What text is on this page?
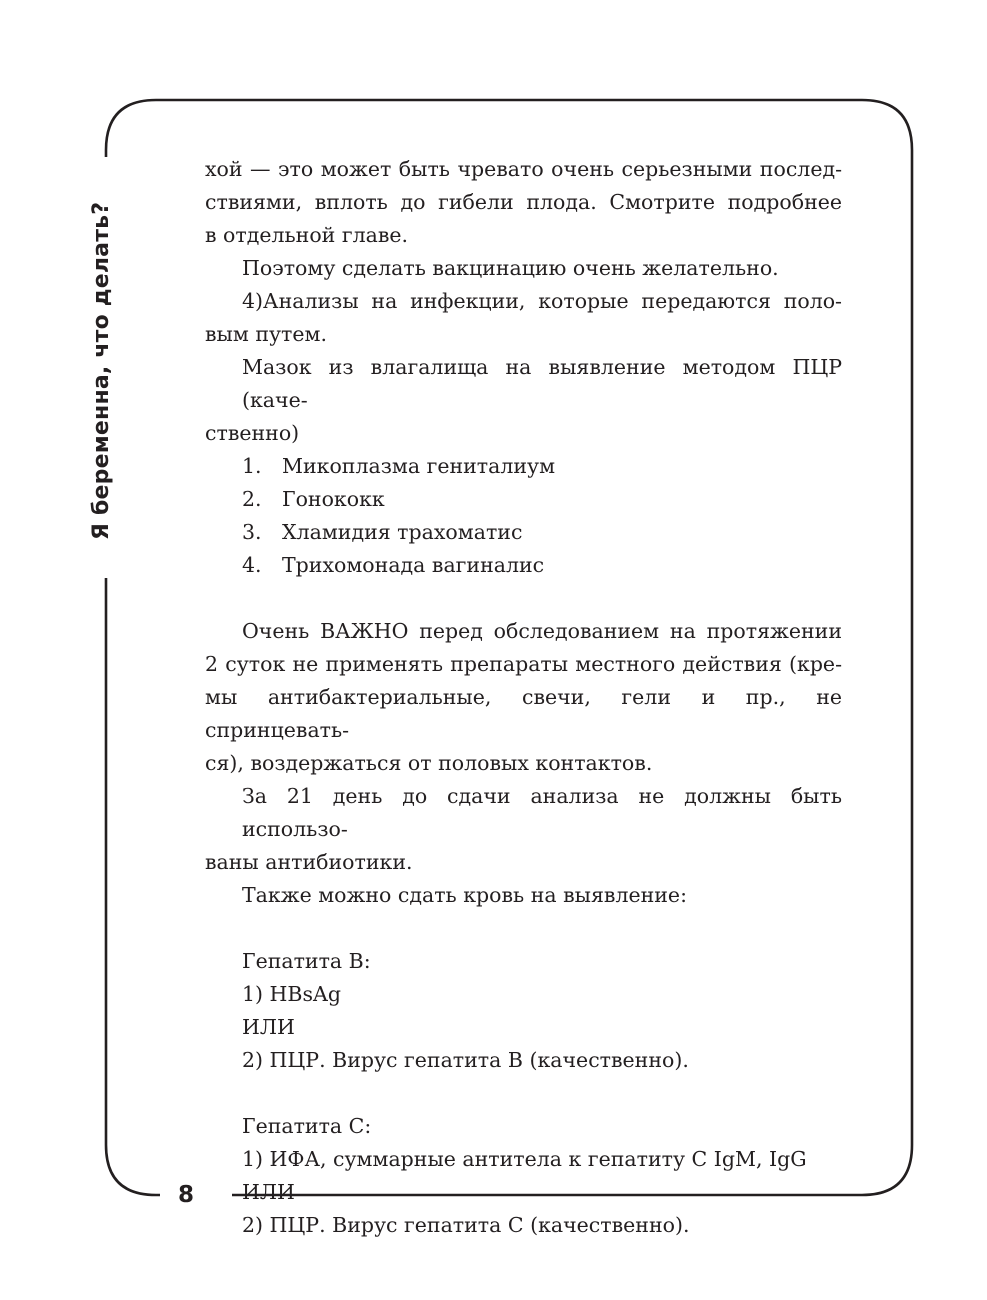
Я беременна, что делать?
8

хой — это может быть чревато очень серьезными послед-

ствиями, вплоть до гибели плода. Смотрите подробнее

в отдельной главе.

Поэтому сделать вакцинацию очень желательно.

4)Анализы на инфекции, которые передаются поло-

вым путем.

Мазок из влагалища на выявление методом ПЦР (каче-

ственно)

1. Микоплазма гениталиум
2. Гонококк
3. Хламидия трахоматис
4. Трихомонада вагиналис

Очень ВАЖНО перед обследованием на протяжении

2 суток не применять препараты местного действия (кре-

мы антибактериальные, свечи, гели и пр., не спринцевать-

ся), воздержаться от половых контактов.

За 21 день до сдачи анализа не должны быть использо-

ваны антибиотики.

Также можно сдать кровь на выявление:

Гепатита В:

1) HBsAg

ИЛИ

2) ПЦР. Вирус гепатита В (качественно).

Гепатита С:

1) ИФА, суммарные антитела к гепатиту С IgM, IgG

ИЛИ

2) ПЦР. Вирус гепатита С (качественно).
